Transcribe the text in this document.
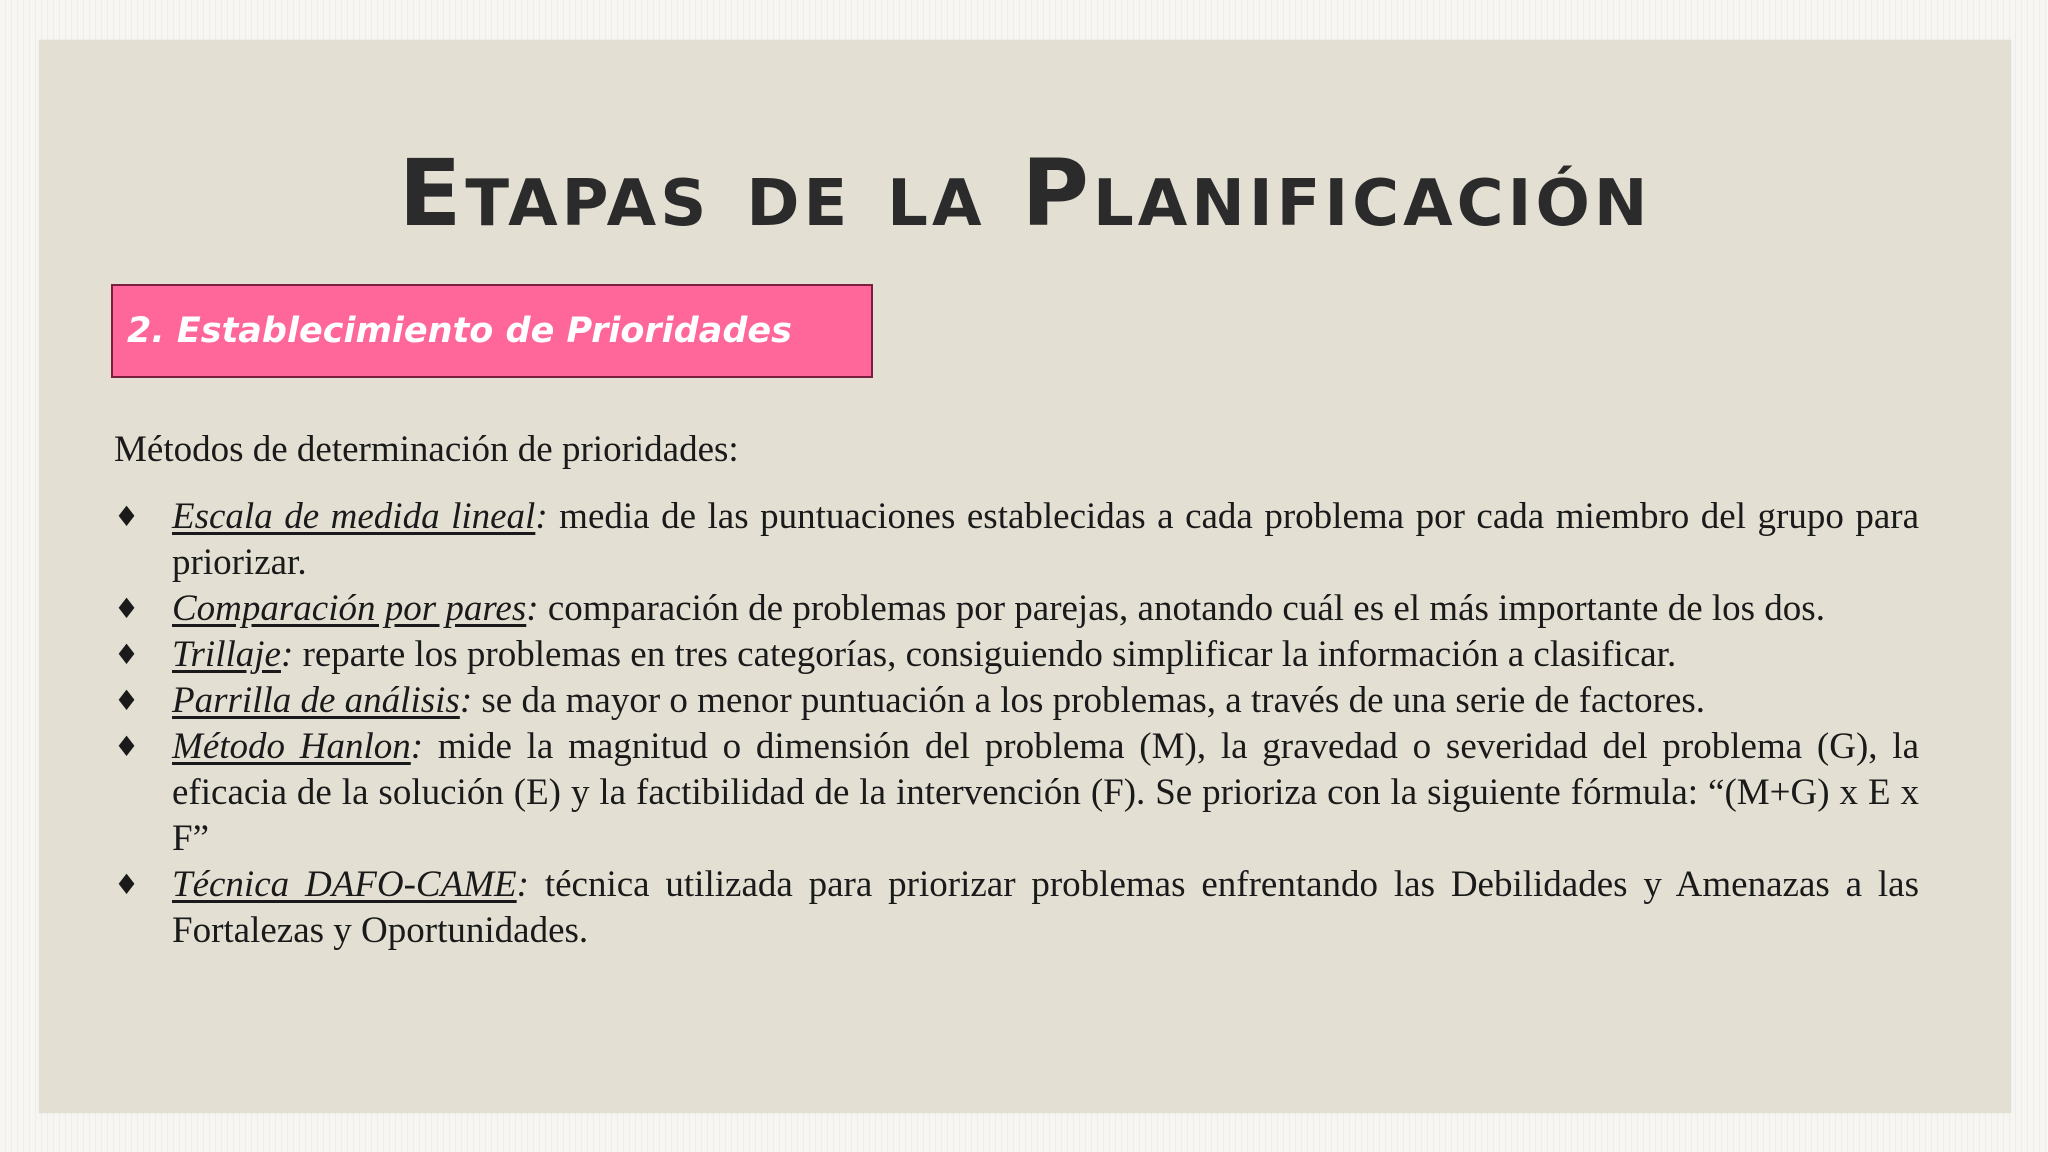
Etapas de la Planificación
2. Establecimiento de Prioridades
Métodos de determinación de prioridades:
♦ Escala de medida lineal: media de las puntuaciones establecidas a cada problema por cada miembro del grupo para priorizar.
♦ Comparación por pares: comparación de problemas por parejas, anotando cuál es el más importante de los dos.
♦ Trillaje: reparte los problemas en tres categorías, consiguiendo simplificar la información a clasificar.
♦ Parrilla de análisis: se da mayor o menor puntuación a los problemas, a través de una serie de factores.
♦ Método Hanlon: mide la magnitud o dimensión del problema (M), la gravedad o severidad del problema (G), la eficacia de la solución (E) y la factibilidad de la intervención (F). Se prioriza con la siguiente fórmula: “(M+G) x E x F”
♦ Técnica DAFO-CAME: técnica utilizada para priorizar problemas enfrentando las Debilidades y Amenazas a las Fortalezas y Oportunidades.
